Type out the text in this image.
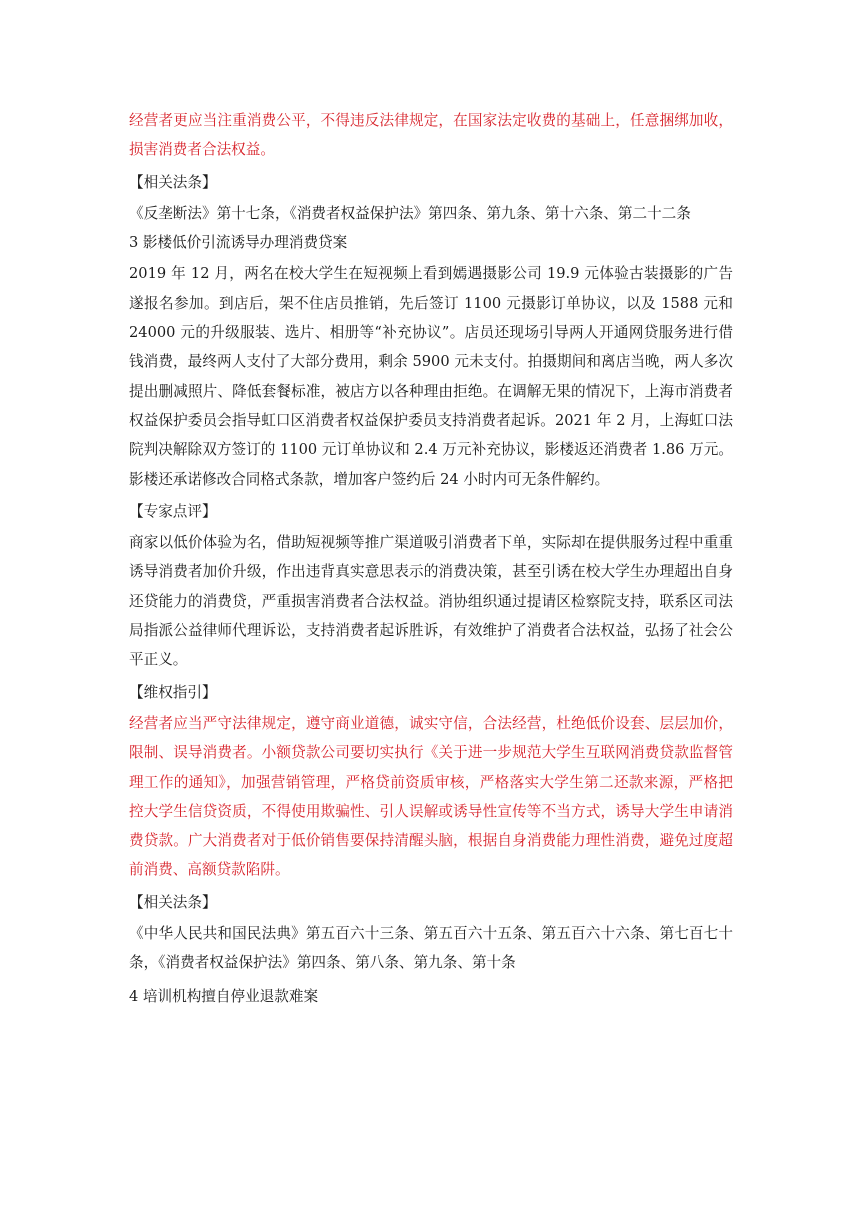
经营者更应当注重消费公平，不得违反法律规定，在国家法定收费的基础上，任意捆绑加收，损害消费者合法权益。

【相关法条】

《反垄断法》第十七条，《消费者权益保护法》第四条、第九条、第十六条、第二十二条

3 影楼低价引流诱导办理消费贷案

2019 年 12 月，两名在校大学生在短视频上看到嫣遇摄影公司 19.9 元体验古装摄影的广告遂报名参加。到店后，架不住店员推销，先后签订 1100 元摄影订单协议，以及 1588 元和 24000 元的升级服装、选片、相册等“补充协议”。店员还现场引导两人开通网贷服务进行借钱消费，最终两人支付了大部分费用，剩余 5900 元未支付。拍摄期间和离店当晚，两人多次提出删减照片、降低套餐标准，被店方以各种理由拒绝。在调解无果的情况下，上海市消费者权益保护委员会指导虹口区消费者权益保护委员支持消费者起诉。2021 年 2 月，上海虹口法院判决解除双方签订的 1100 元订单协议和 2.4 万元补充协议，影楼返还消费者 1.86 万元。影楼还承诺修改合同格式条款，增加客户签约后 24 小时内可无条件解约。

【专家点评】

商家以低价体验为名，借助短视频等推广渠道吸引消费者下单，实际却在提供服务过程中重重诱导消费者加价升级，作出违背真实意思表示的消费决策，甚至引诱在校大学生办理超出自身还贷能力的消费贷，严重损害消费者合法权益。消协组织通过提请区检察院支持，联系区司法局指派公益律师代理诉讼，支持消费者起诉胜诉，有效维护了消费者合法权益，弘扬了社会公平正义。

【维权指引】

经营者应当严守法律规定，遵守商业道德，诚实守信，合法经营，杜绝低价设套、层层加价，限制、误导消费者。小额贷款公司要切实执行《关于进一步规范大学生互联网消费贷款监督管理工作的通知》，加强营销管理，严格贷前资质审核，严格落实大学生第二还款来源，严格把控大学生信贷资质，不得使用欺骗性、引人误解或诱导性宣传等不当方式，诱导大学生申请消费贷款。广大消费者对于低价销售要保持清醒头脑，根据自身消费能力理性消费，避免过度超前消费、高额贷款陷阱。

【相关法条】

《中华人民共和国民法典》第五百六十三条、第五百六十五条、第五百六十六条、第七百七十条，《消费者权益保护法》第四条、第八条、第九条、第十条

4 培训机构擅自停业退款难案
